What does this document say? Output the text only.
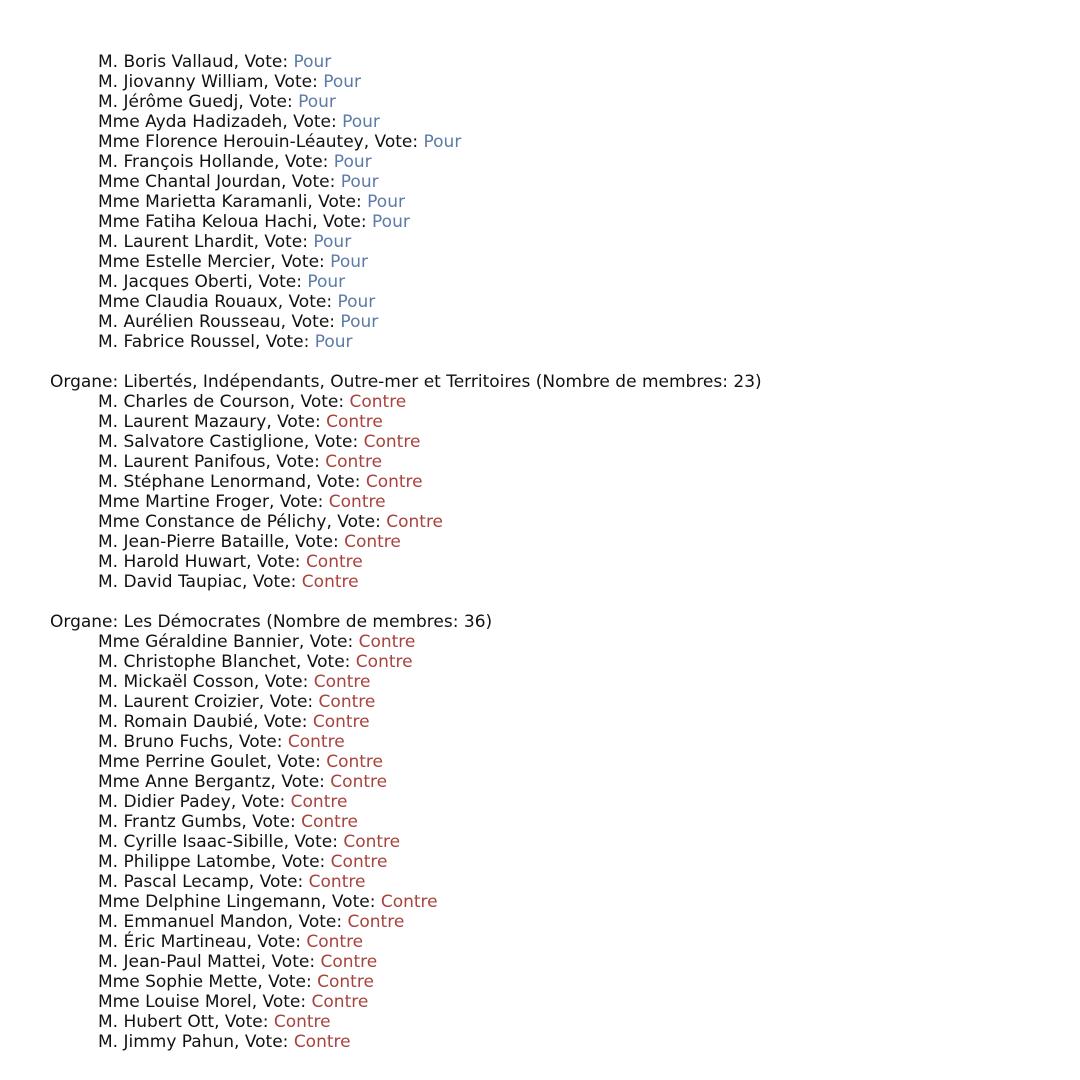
M. Boris Vallaud, Vote: Pour
M. Jiovanny William, Vote: Pour
M. Jérôme Guedj, Vote: Pour
Mme Ayda Hadizadeh, Vote: Pour
Mme Florence Herouin-Léautey, Vote: Pour
M. François Hollande, Vote: Pour
Mme Chantal Jourdan, Vote: Pour
Mme Marietta Karamanli, Vote: Pour
Mme Fatiha Keloua Hachi, Vote: Pour
M. Laurent Lhardit, Vote: Pour
Mme Estelle Mercier, Vote: Pour
M. Jacques Oberti, Vote: Pour
Mme Claudia Rouaux, Vote: Pour
M. Aurélien Rousseau, Vote: Pour
M. Fabrice Roussel, Vote: Pour
Organe: Libertés, Indépendants, Outre-mer et Territoires (Nombre de membres: 23)
M. Charles de Courson, Vote: Contre
M. Laurent Mazaury, Vote: Contre
M. Salvatore Castiglione, Vote: Contre
M. Laurent Panifous, Vote: Contre
M. Stéphane Lenormand, Vote: Contre
Mme Martine Froger, Vote: Contre
Mme Constance de Pélichy, Vote: Contre
M. Jean-Pierre Bataille, Vote: Contre
M. Harold Huwart, Vote: Contre
M. David Taupiac, Vote: Contre
Organe: Les Démocrates (Nombre de membres: 36)
Mme Géraldine Bannier, Vote: Contre
M. Christophe Blanchet, Vote: Contre
M. Mickaël Cosson, Vote: Contre
M. Laurent Croizier, Vote: Contre
M. Romain Daubié, Vote: Contre
M. Bruno Fuchs, Vote: Contre
Mme Perrine Goulet, Vote: Contre
Mme Anne Bergantz, Vote: Contre
M. Didier Padey, Vote: Contre
M. Frantz Gumbs, Vote: Contre
M. Cyrille Isaac-Sibille, Vote: Contre
M. Philippe Latombe, Vote: Contre
M. Pascal Lecamp, Vote: Contre
Mme Delphine Lingemann, Vote: Contre
M. Emmanuel Mandon, Vote: Contre
M. Éric Martineau, Vote: Contre
M. Jean-Paul Mattei, Vote: Contre
Mme Sophie Mette, Vote: Contre
Mme Louise Morel, Vote: Contre
M. Hubert Ott, Vote: Contre
M. Jimmy Pahun, Vote: Contre
